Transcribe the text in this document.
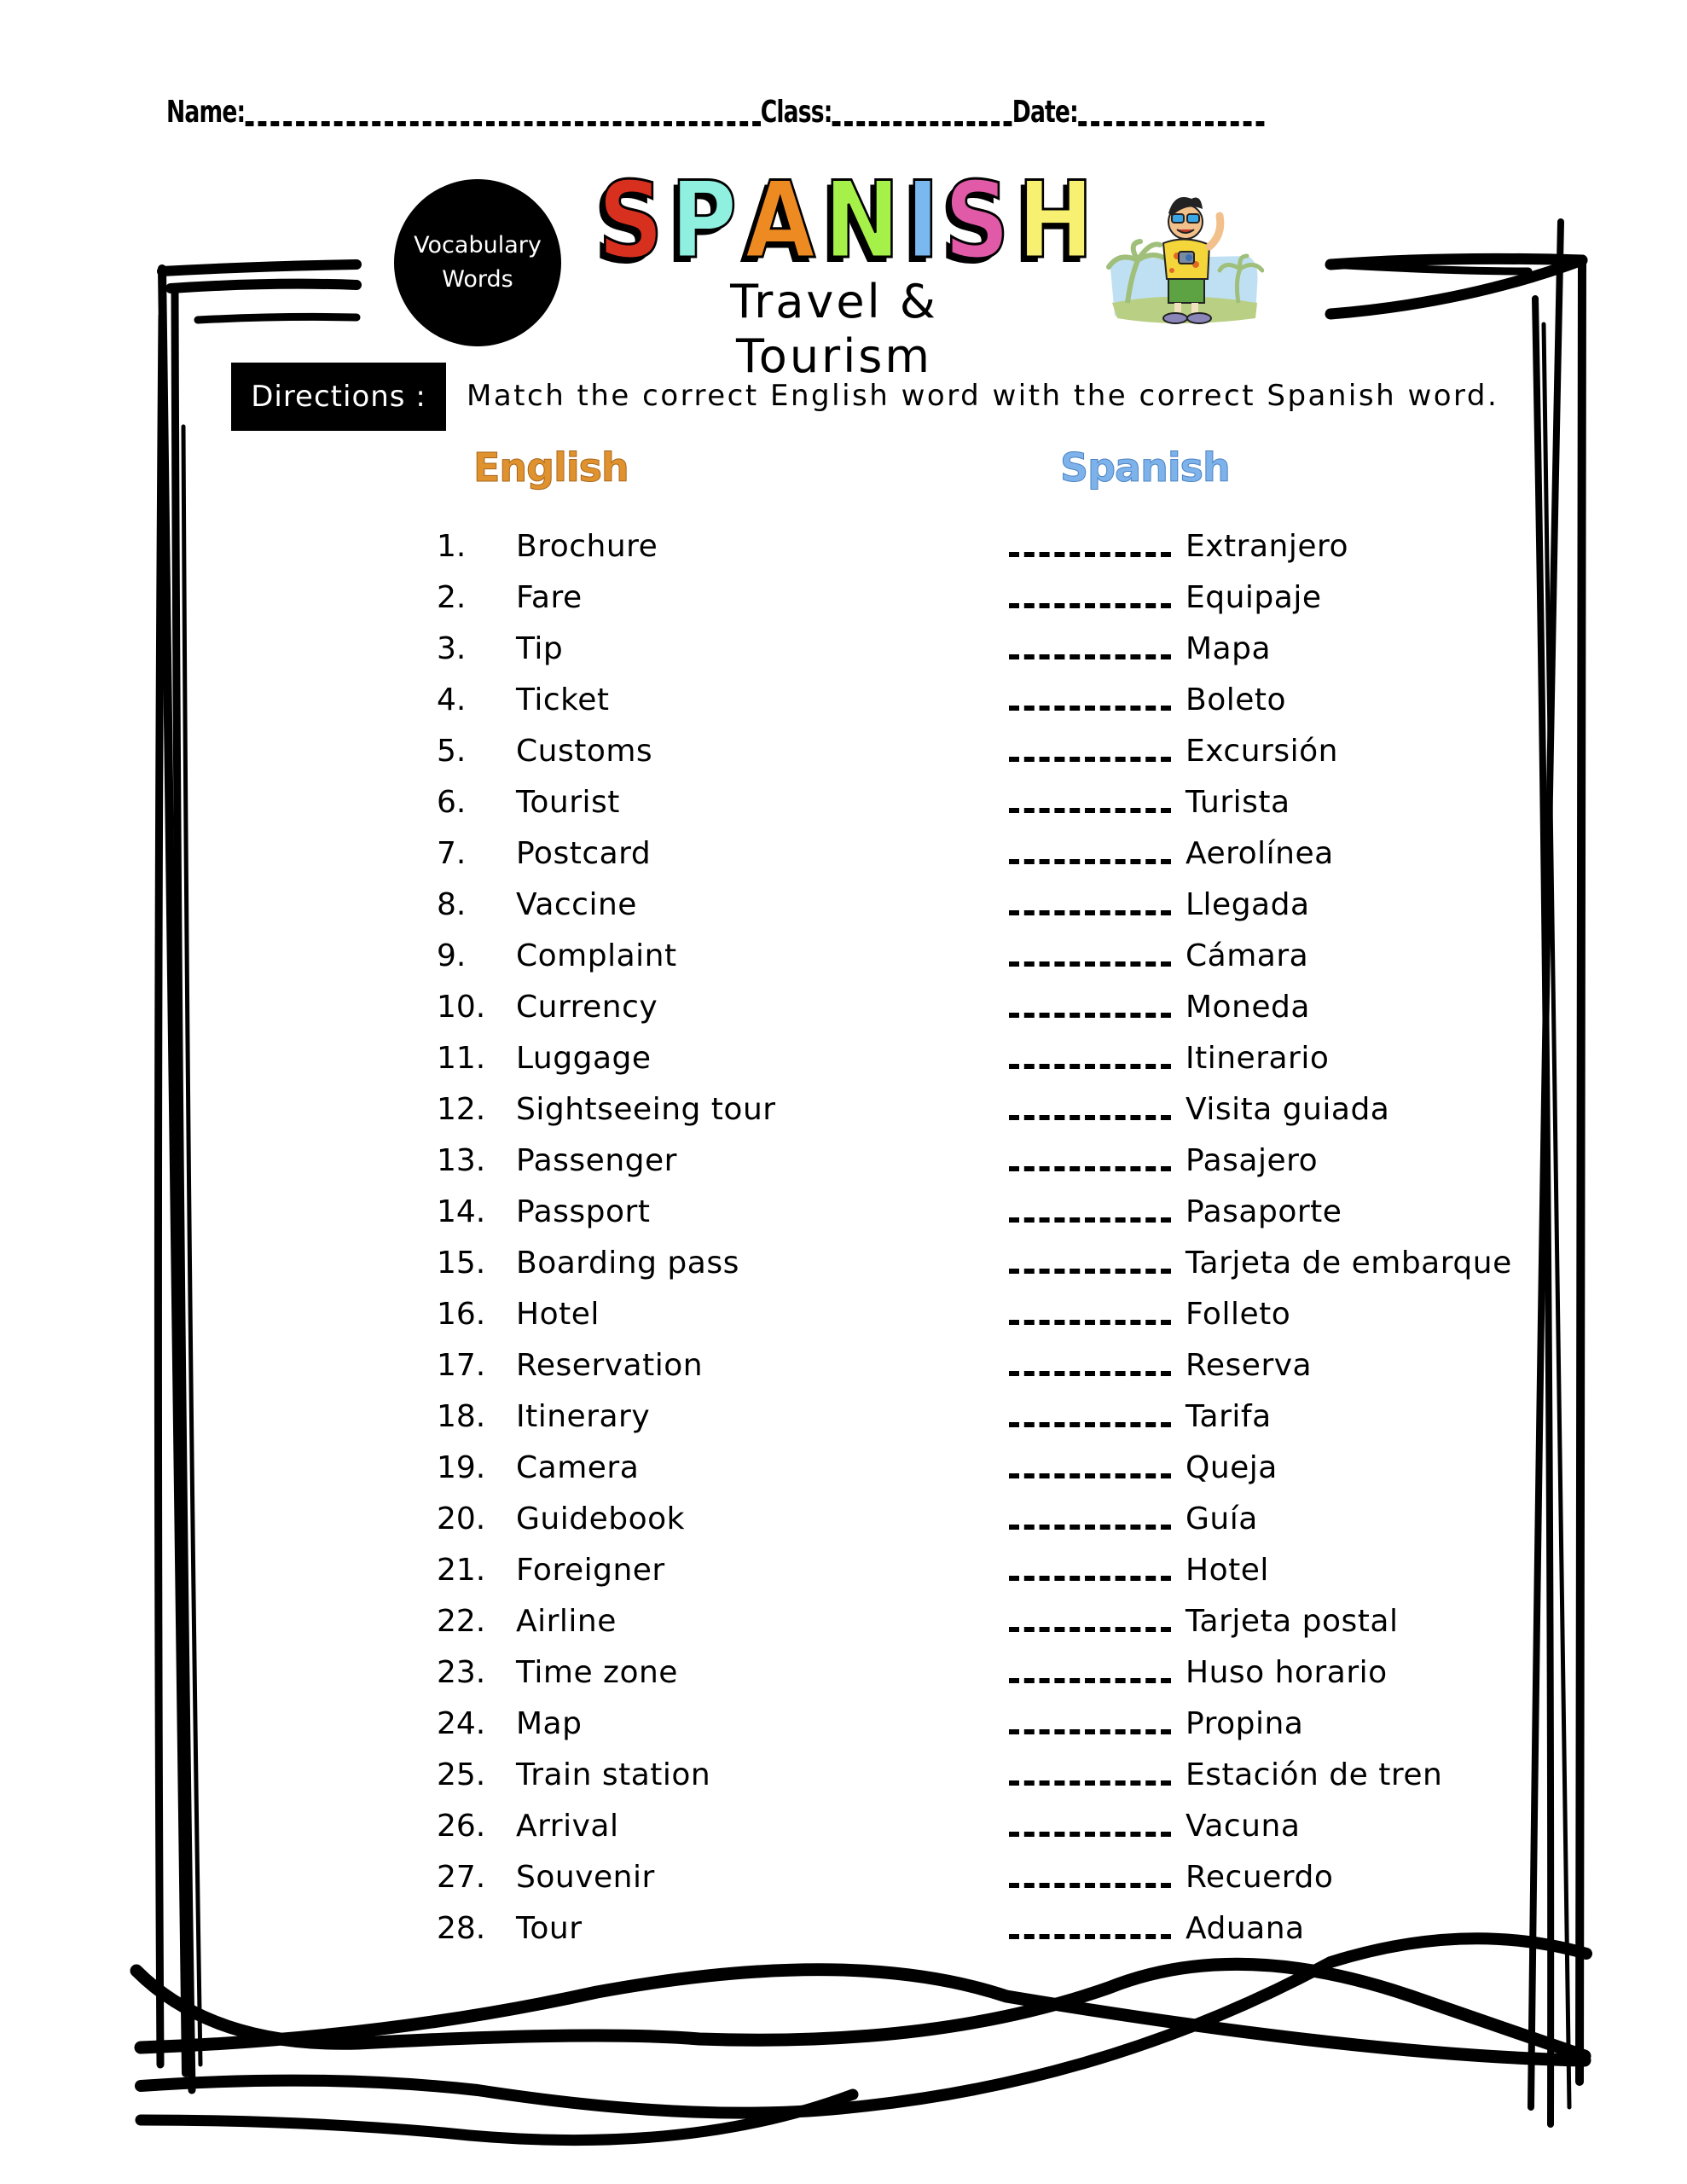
Name:	Class:	Date:
Vocabulary
Words S P A N I S H
Travel & Tourism
Directions :	Match the correct English word with the correct Spanish word.
English	Spanish
1. Brochure	Extranjero
2. Fare	Equipaje
3. Tip	Mapa
4. Ticket	Boleto
5. Customs	Excursión
6. Tourist	Turista
7. Postcard	Aerolínea
8. Vaccine	Llegada
9. Complaint	Cámara
10. Currency	Moneda
11. Luggage	Itinerario
12. Sightseeing tour	Visita guiada
13. Passenger	Pasajero
14. Passport	Pasaporte
15. Boarding pass	Tarjeta de embarque
16. Hotel	Folleto
17. Reservation	Reserva
18. Itinerary	Tarifa
19. Camera	Queja
20. Guidebook	Guía
21. Foreigner	Hotel
22. Airline	Tarjeta postal
23. Time zone	Huso horario
24. Map	Propina
25. Train station	Estación de tren
26. Arrival	Vacuna
27. Souvenir	Recuerdo
28. Tour	Aduana
